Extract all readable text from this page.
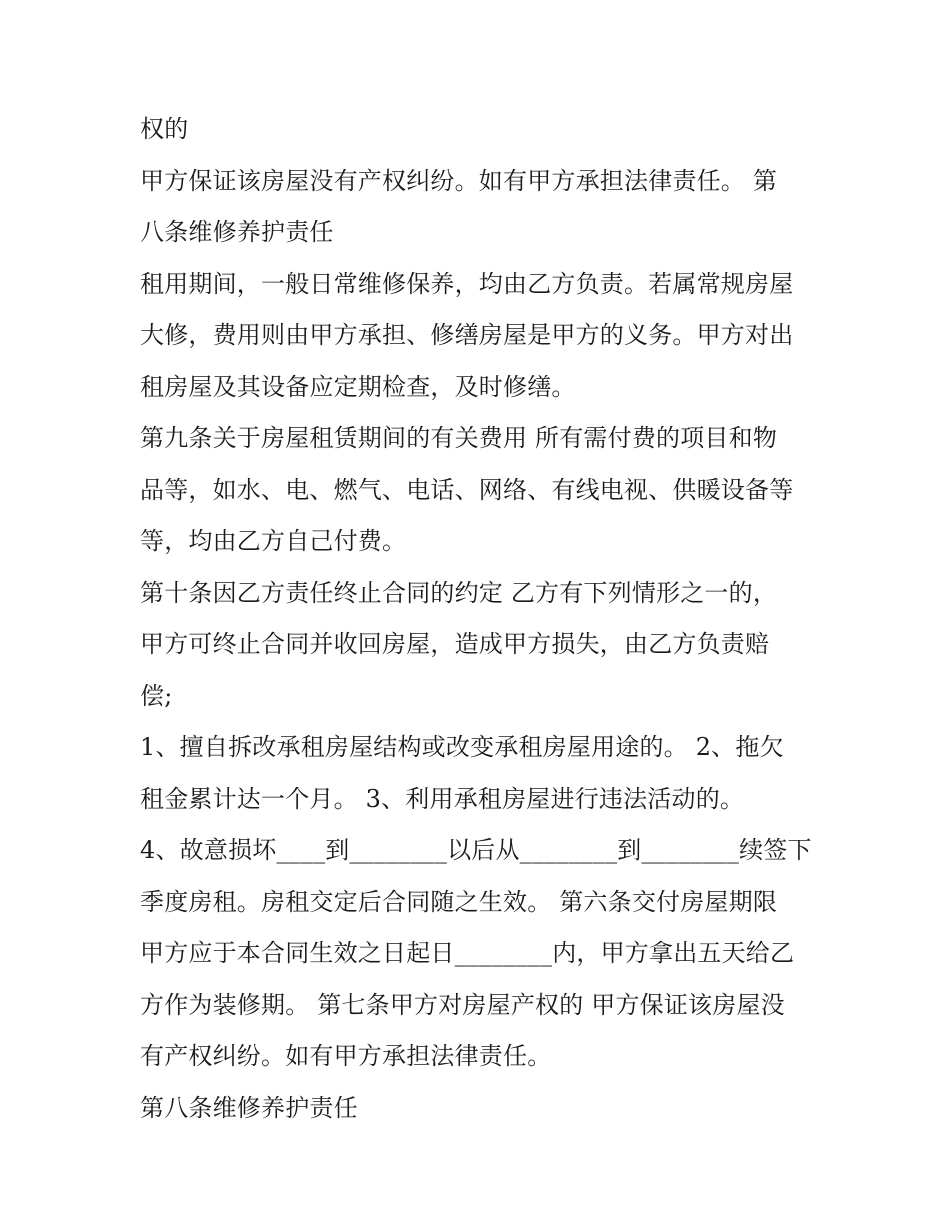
权的
甲方保证该房屋没有产权纠纷。如有甲方承担法律责任。 第
八条维修养护责任
租用期间，一般日常维修保养，均由乙方负责。若属常规房屋
大修，费用则由甲方承担、修缮房屋是甲方的义务。甲方对出
租房屋及其设备应定期检查，及时修缮。
第九条关于房屋租赁期间的有关费用 所有需付费的项目和物
品等，如水、电、燃气、电话、网络、有线电视、供暖设备等
等，均由乙方自己付费。
第十条因乙方责任终止合同的约定 乙方有下列情形之一的，
甲方可终止合同并收回房屋，造成甲方损失，由乙方负责赔
偿;
1、擅自拆改承租房屋结构或改变承租房屋用途的。 2、拖欠
租金累计达一个月。 3、利用承租房屋进行违法活动的。
4、故意损坏____到________以后从________到________续签下
季度房租。房租交定后合同随之生效。 第六条交付房屋期限
甲方应于本合同生效之日起日________内，甲方拿出五天给乙
方作为装修期。 第七条甲方对房屋产权的 甲方保证该房屋没
有产权纠纷。如有甲方承担法律责任。
第八条维修养护责任
